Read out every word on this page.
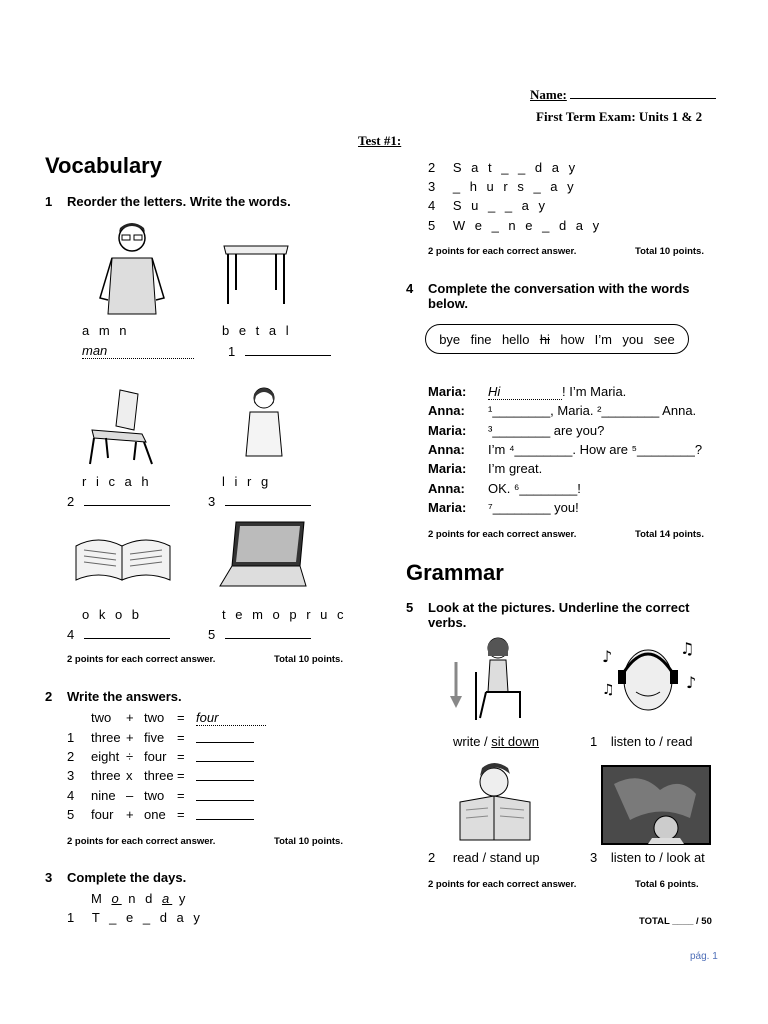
Name:
First Term Exam: Units 1 & 2
Test #1:
Vocabulary
1 Reorder the letters. Write the words.
a m n	b e t a l
man	1
r i c a h	l i r g
2	3
o k o b	t e m o p r u c
4	5
2 points for each correct answer.	Total 10 points.
2 Write the answers.
two + two = four
1 three + five =
2 eight ÷ four =
3 three x three =
4 nine – two =
5 four + one =
2 points for each correct answer.	Total 10 points.
3 Complete the days.
M o n d a y
1 T _ e _ d a y
2 S a t _ _ d a y
3 _ h u r s _ a y
4 S u _ _ a y
5 W e _ n e _ d a y
2 points for each correct answer.	Total 10 points.
4 Complete the conversation with the words
below.
bye fine hello hi how I’m you see
Maria: Hi	! I’m Maria.
Anna: ¹________, Maria. ²________ Anna.
Maria: ³________ are you?
Anna: I’m ⁴________. How are ⁵________?
Maria: I’m great.
Anna: OK. ⁶________!
Maria: ⁷________ you!
2 points for each correct answer.	Total 14 points.
Grammar
5 Look at the pictures. Underline the correct
verbs.
♪	♫
♪
♫
write / sit down	1 listen to / read
2 read / stand up	3 listen to / look at
2 points for each correct answer.	Total 6 points.
TOTAL ____ / 50
pág. 1
